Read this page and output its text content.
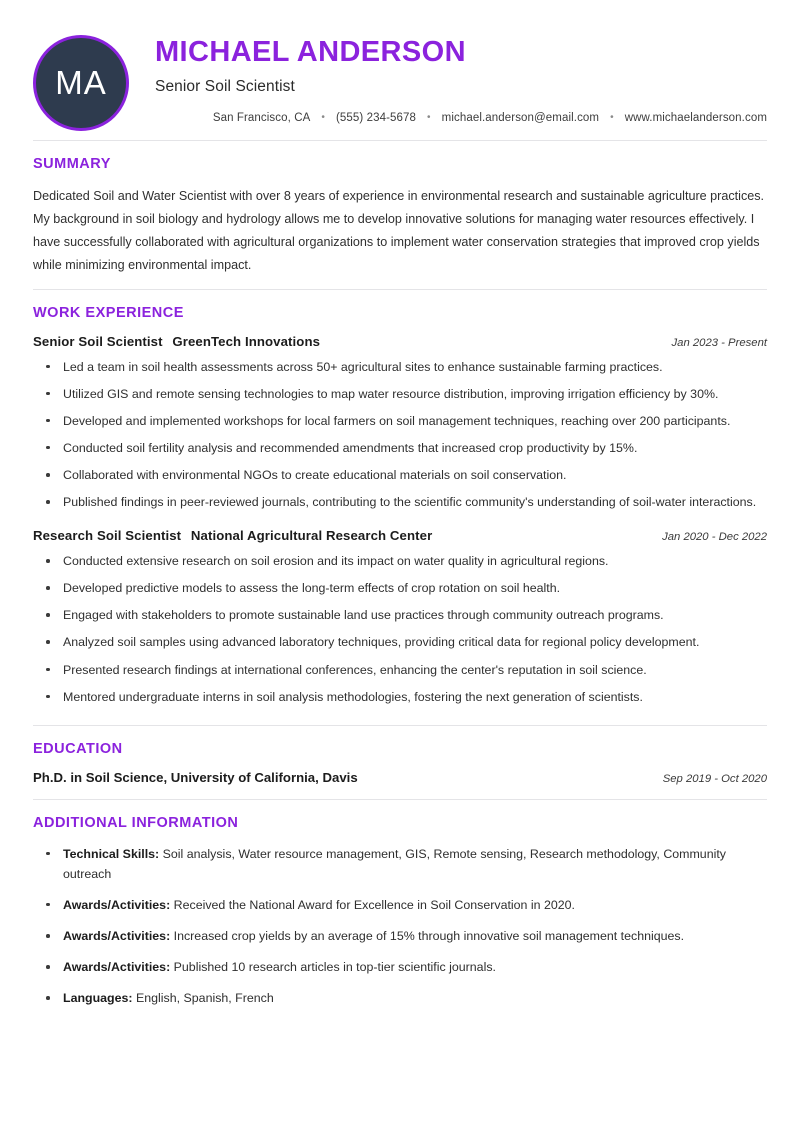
MA
MICHAEL ANDERSON
Senior Soil Scientist
San Francisco, CA • (555) 234-5678 • michael.anderson@email.com • www.michaelanderson.com
SUMMARY
Dedicated Soil and Water Scientist with over 8 years of experience in environmental research and sustainable agriculture practices. My background in soil biology and hydrology allows me to develop innovative solutions for managing water resources effectively. I have successfully collaborated with agricultural organizations to implement water conservation strategies that improved crop yields while minimizing environmental impact.
WORK EXPERIENCE
Senior Soil Scientist GreenTech Innovations	Jan 2023 - Present
Led a team in soil health assessments across 50+ agricultural sites to enhance sustainable farming practices.
Utilized GIS and remote sensing technologies to map water resource distribution, improving irrigation efficiency by 30%.
Developed and implemented workshops for local farmers on soil management techniques, reaching over 200 participants.
Conducted soil fertility analysis and recommended amendments that increased crop productivity by 15%.
Collaborated with environmental NGOs to create educational materials on soil conservation.
Published findings in peer-reviewed journals, contributing to the scientific community's understanding of soil-water interactions.
Research Soil Scientist National Agricultural Research Center	Jan 2020 - Dec 2022
Conducted extensive research on soil erosion and its impact on water quality in agricultural regions.
Developed predictive models to assess the long-term effects of crop rotation on soil health.
Engaged with stakeholders to promote sustainable land use practices through community outreach programs.
Analyzed soil samples using advanced laboratory techniques, providing critical data for regional policy development.
Presented research findings at international conferences, enhancing the center's reputation in soil science.
Mentored undergraduate interns in soil analysis methodologies, fostering the next generation of scientists.
EDUCATION
Ph.D. in Soil Science, University of California, Davis	Sep 2019 - Oct 2020
ADDITIONAL INFORMATION
Technical Skills: Soil analysis, Water resource management, GIS, Remote sensing, Research methodology, Community outreach
Awards/Activities: Received the National Award for Excellence in Soil Conservation in 2020.
Awards/Activities: Increased crop yields by an average of 15% through innovative soil management techniques.
Awards/Activities: Published 10 research articles in top-tier scientific journals.
Languages: English, Spanish, French
